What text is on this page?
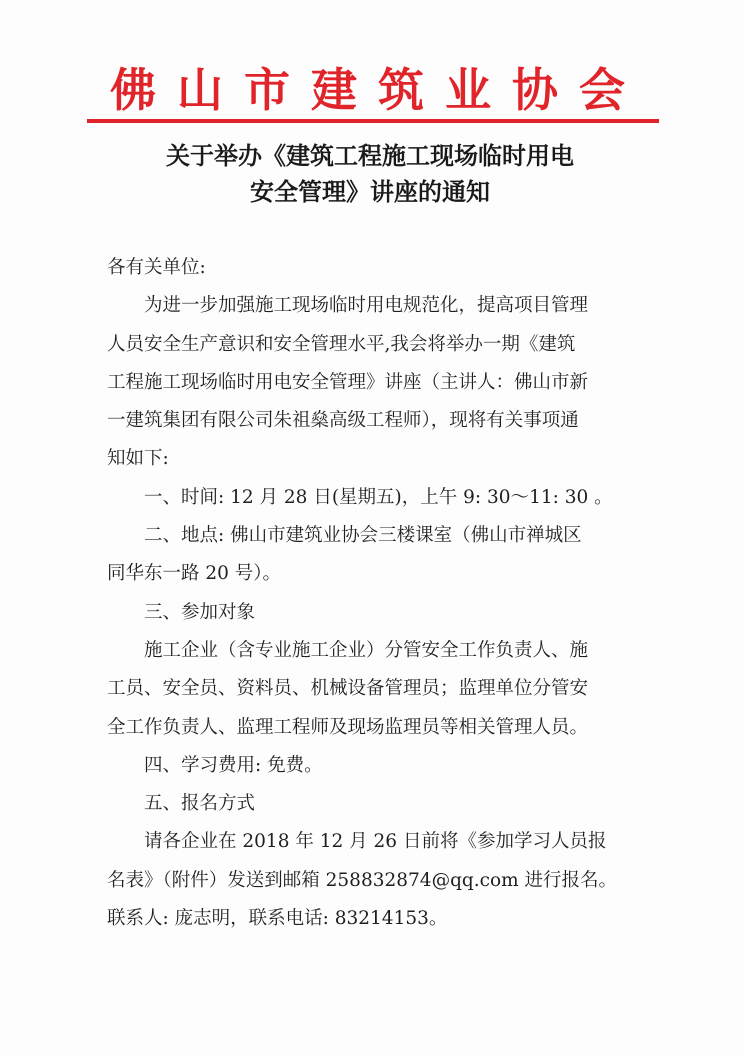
佛山市建筑业协会
关于举办《建筑工程施工现场临时用电
安全管理》讲座的通知
各有关单位:
为进一步加强施工现场临时用电规范化，提高项目管理
人员安全生产意识和安全管理水平,我会将举办一期《建筑
工程施工现场临时用电安全管理》讲座（主讲人：佛山市新
一建筑集团有限公司朱祖燊高级工程师），现将有关事项通
知如下:
一、时间: 12 月 28 日(星期五)，上午 9: 30～11: 30 。
二、地点: 佛山市建筑业协会三楼课室（佛山市禅城区
同华东一路 20 号）。
三、参加对象
施工企业（含专业施工企业）分管安全工作负责人、施
工员、安全员、资料员、机械设备管理员；监理单位分管安
全工作负责人、监理工程师及现场监理员等相关管理人员。
四、学习费用: 免费。
五、报名方式
请各企业在 2018 年 12 月 26 日前将《参加学习人员报
名表》（附件）发送到邮箱 258832874@qq.com 进行报名。
联系人: 庞志明，联系电话: 83214153。
